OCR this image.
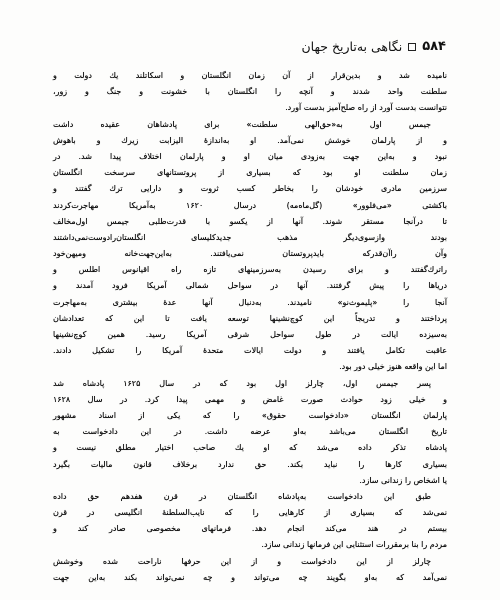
۵۸۴
نگاهی به‌تاریخ جهان
نامیده شد و بدین‌قرار از آن زمان انگلستان و اسکاتلند یك دولت و
سلطنت واحد شدند و آنچه را انگلستان با خشونت و جنگ و زور،
نتوانست بدست آورد از راه صلح‌آمیز بدست آورد.
جیمس اول به«حق‌الهی سلطنت» برای پادشاهان عقیده داشت
و از پارلمان خوشش نمی‌آمد. او به‌اندازهٔ الیزابت زیرك و باهوش
نبود و به‌این جهت به‌زودی میان او و پارلمان اختلاف پیدا شد. در
زمان سلطنت او بود که بسیاری از پروتستانهای سرسخت انگلستان
سرزمین مادری خودشان را بخاطر کسب ثروت و دارایی ترك گفتند و
باکشتی «می‌فلوور» (گل‌ماه‌مه) درسال ۱۶۲۰ به‌آمریکا مهاجرت‌کردند
تا درآنجا مستقر شوند. آنها از یکسو با قدرت‌طلبی جیمس اول‌مخالف
بودند وازسوی‌دیگر مذهب جدیدکلیسای انگلستان‌رادوست‌نمی‌داشتند
وآن راآن‌قدرکه بایدپروتستان نمی‌یافتند. به‌این‌جهت‌خانه ومیهن‌خود
راترك‌گفتند و برای رسیدن به‌سرزمینهای تازه راه اقیانوس اطلس و
دریاها را پیش گرفتند. آنها در سواحل شمالی آمریکا فرود آمدند و
آنجا را «پلیموث‌نو» نامیدند. به‌دنبال آنها عدهٔ بیشتری به‌مهاجرت
پرداختند و تدریجاً این کوچ‌نشینها توسعه یافت تا این که تعدادشان
به‌سیزده ایالت در طول سواحل شرقی آمریکا رسید. همین کوچ‌نشینها
عاقبت تکامل یافتند و دولت ایالات متحدهٔ آمریکا را تشکیل دادند.
اما این واقعه هنوز خیلی دور بود.
پسر جیمس اول، چارلز اول بود که در سال ۱۶۲۵ پادشاه شد
و خیلی زود حوادث صورت غامض و مهمی پیدا کرد. در سال ۱۶۲۸
پارلمان انگلستان «دادخواست حقوق» را که یکی از اسناد مشهور
تاریخ انگلستان می‌باشد به‌او عرضه داشت. در این دادخواست به‌
پادشاه تذکر داده می‌شد که او یك صاحب اختیار مطلق نیست و
بسیاری کارها را نباید بکند. حق ندارد برخلاف قانون مالیات بگیرد
یا اشخاص را زندانی سازد.
طبق این دادخواست به‌پادشاه انگلستان در قرن هفدهم حق داده
نمی‌شد که بسیاری از کارهایی را که نایب‌السلطنهٔ انگلیسی در قرن
بیستم در هند می‌کند انجام دهد. فرمانهای مخصوصی صادر کند و
مردم را بنا برمقررات استثنایی این فرمانها زندانی سازد.
چارلز از این دادخواست و از این حرفها ناراحت شده وخوشش
نمی‌آمد که به‌او بگویند چه می‌تواند و چه نمی‌تواند بکند به‌این جهت
